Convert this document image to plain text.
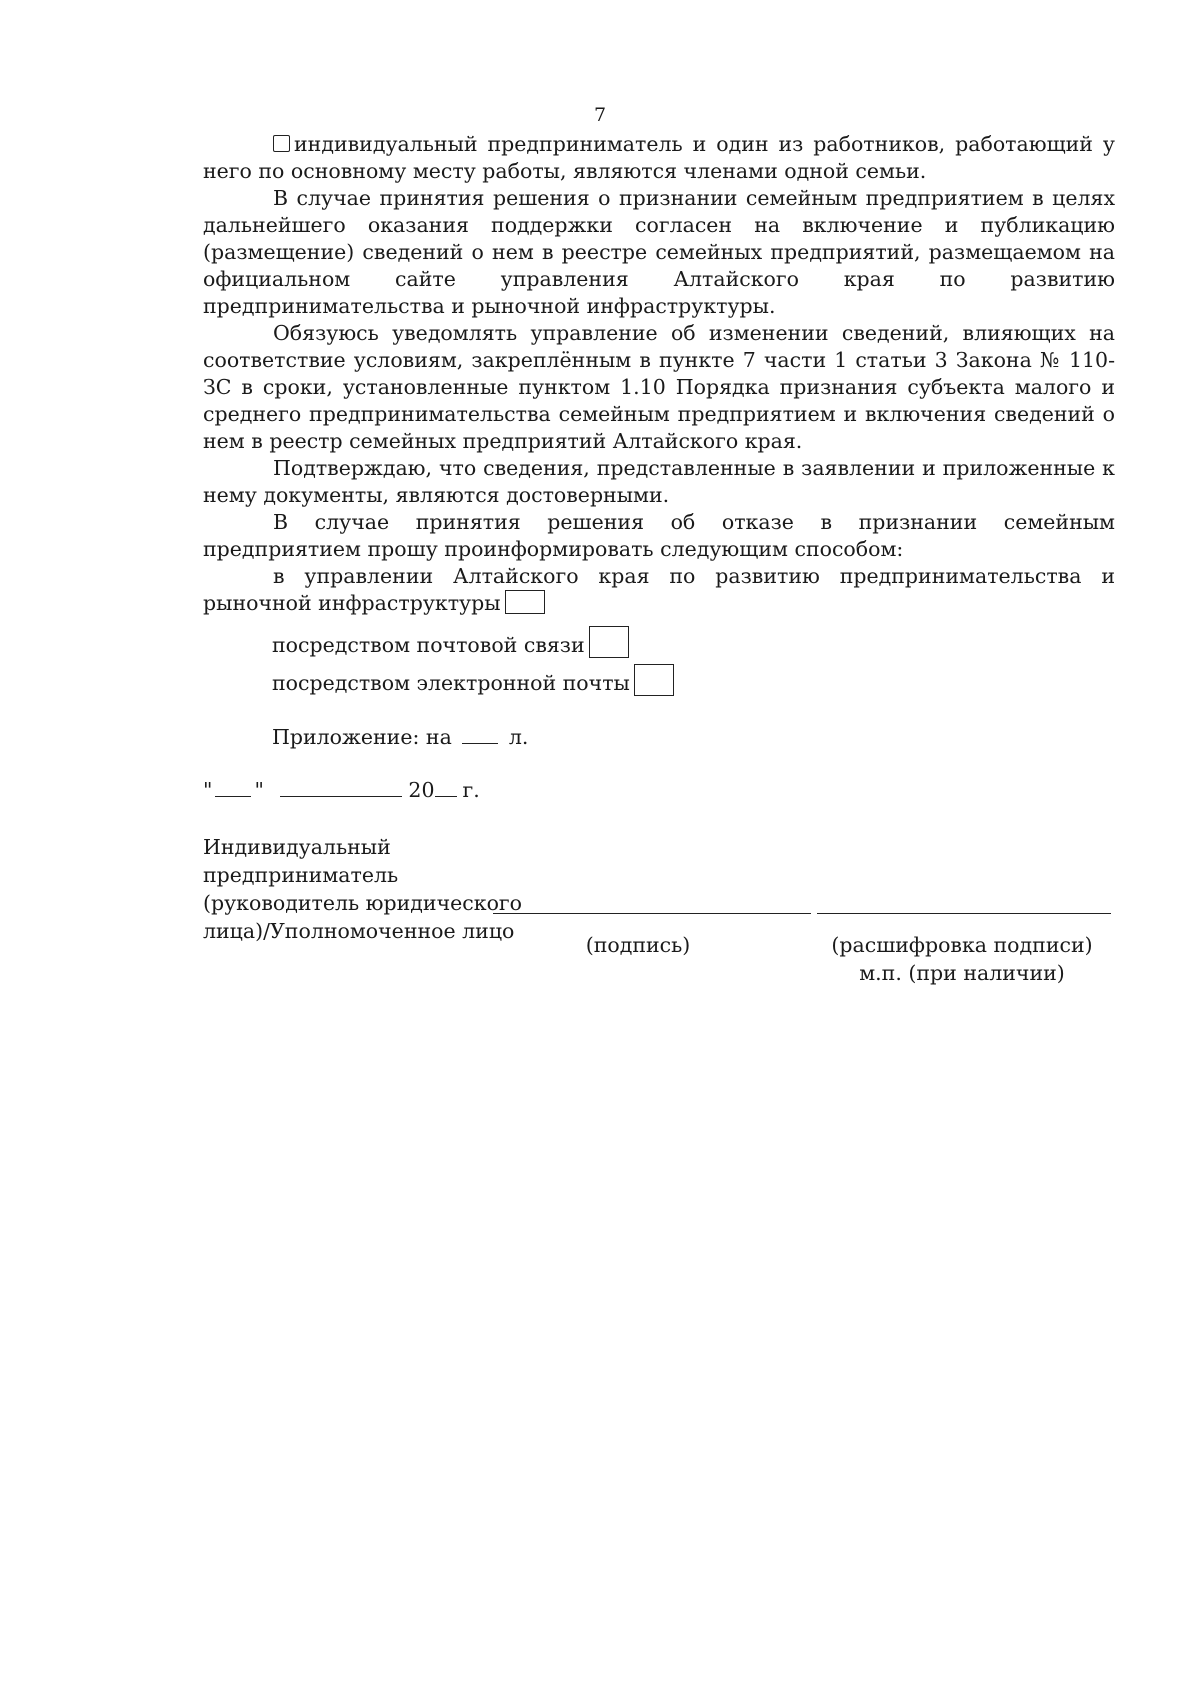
7

индивидуальный предприниматель и один из работников, работающий у него по основному месту работы, являются членами одной семьи.

В случае принятия решения о признании семейным предприятием в целях дальнейшего оказания поддержки согласен на включение и публикацию (размещение) сведений о нем в реестре семейных предприятий, размещаемом на официальном сайте управления Алтайского края по развитию предпринимательства и рыночной инфраструктуры.

Обязуюсь уведомлять управление об изменении сведений, влияющих на соответствие условиям, закреплённым в пункте 7 части 1 статьи 3 Закона № 110-ЗС в сроки, установленные пунктом 1.10 Порядка признания субъекта малого и среднего предпринимательства семейным предприятием и включения сведений о нем в реестр семейных предприятий Алтайского края.

Подтверждаю, что сведения, представленные в заявлении и приложенные к нему документы, являются достоверными.

В случае принятия решения об отказе в признании семейным предприятием прошу проинформировать следующим способом:

в управлении Алтайского края по развитию предпринимательства и рыночной инфраструктуры

посредством почтовой связи
посредством электронной почты
Приложение: на	л.
" "	20 г.
Индивидуальный
предприниматель
(руководитель юридического
лица)/Уполномоченное лицо
(подпись)	(расшифровка подписи)
м.п. (при наличии)
